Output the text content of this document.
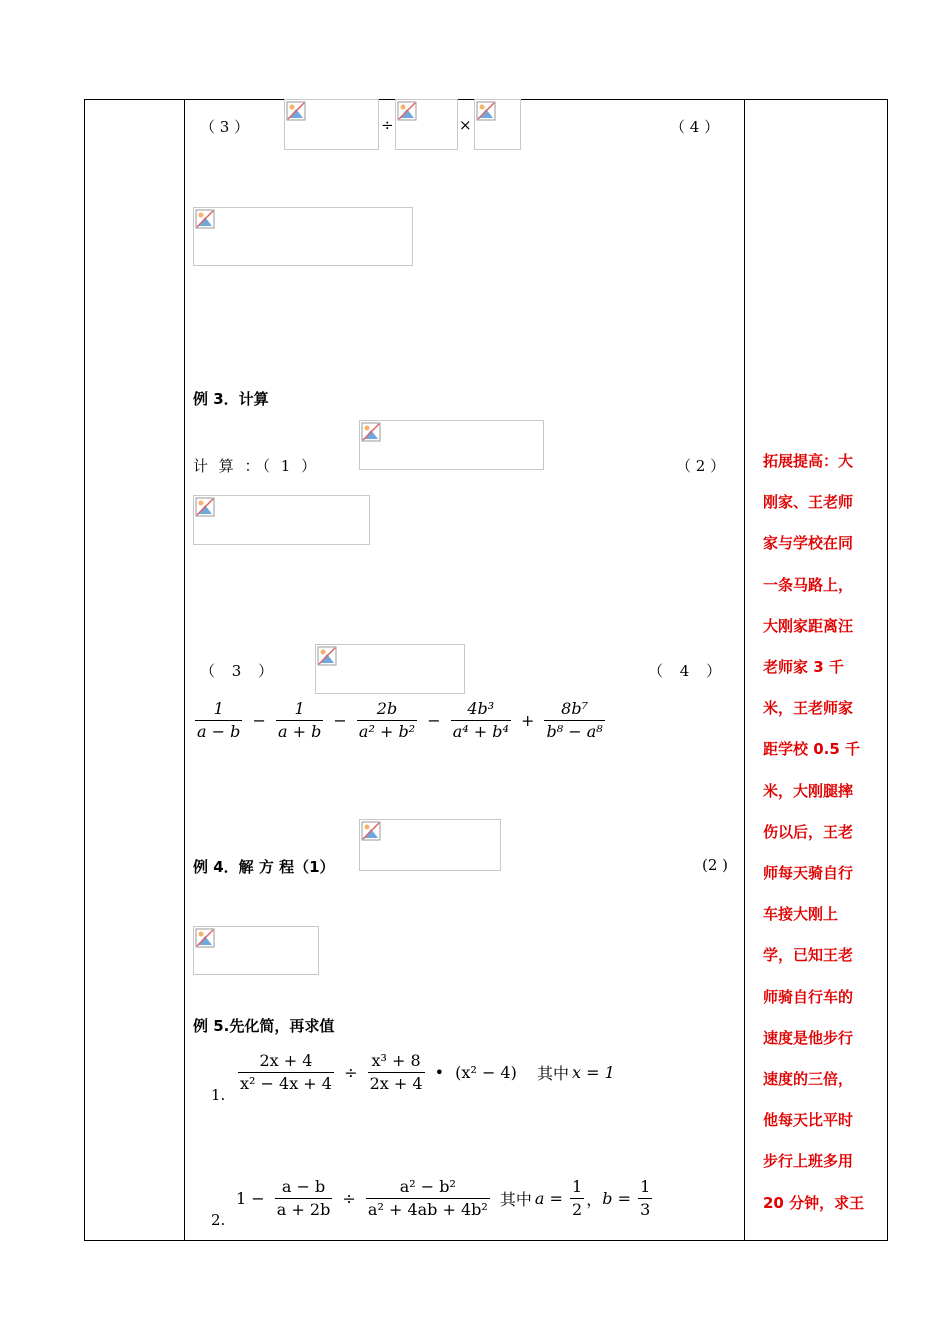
（ 3 ）	÷	×	（ 4 ）
例 3．计算
计 算 ：（ 1 ）	（ 2 ）
（ 3 ）	（ 4 ）
$\frac{1}{a - b} - \frac{1}{a + b} - \frac{2b}{\text{a² + b²}} - \frac{\text{4b³}}{\text{a⁴ + b⁴}} + \frac{\text{8b⁷}}{\text{b⁸ − a⁸}}$
例 4．解 方 程（1）	(2 )
例 5.先化简，再求值
1. $\frac{2x + 4}{\text{x² − 4x + 4}} \div \frac{\text{x³ + 8}}{2x + 4}$ • (x² − 4) 其中 x = 1
2.
$1 - \frac{a - b}{a + 2b} \div \frac{\text{a² − b²}}{\text{a² + 4ab + 4b²}}$ 其中 $a = \frac{1}{2}$ ，$b = \frac{1}{3}$
拓展提高：大
刚家、王老师
家与学校在同
一条马路上，
大刚家距离汪
老师家 3 千
米，王老师家
距学校 0.5 千
米，大刚腿摔
伤以后，王老
师每天骑自行
车接大刚上
学，已知王老
师骑自行车的
速度是他步行
速度的三倍，
他每天比平时
步行上班多用
20 分钟，求王
